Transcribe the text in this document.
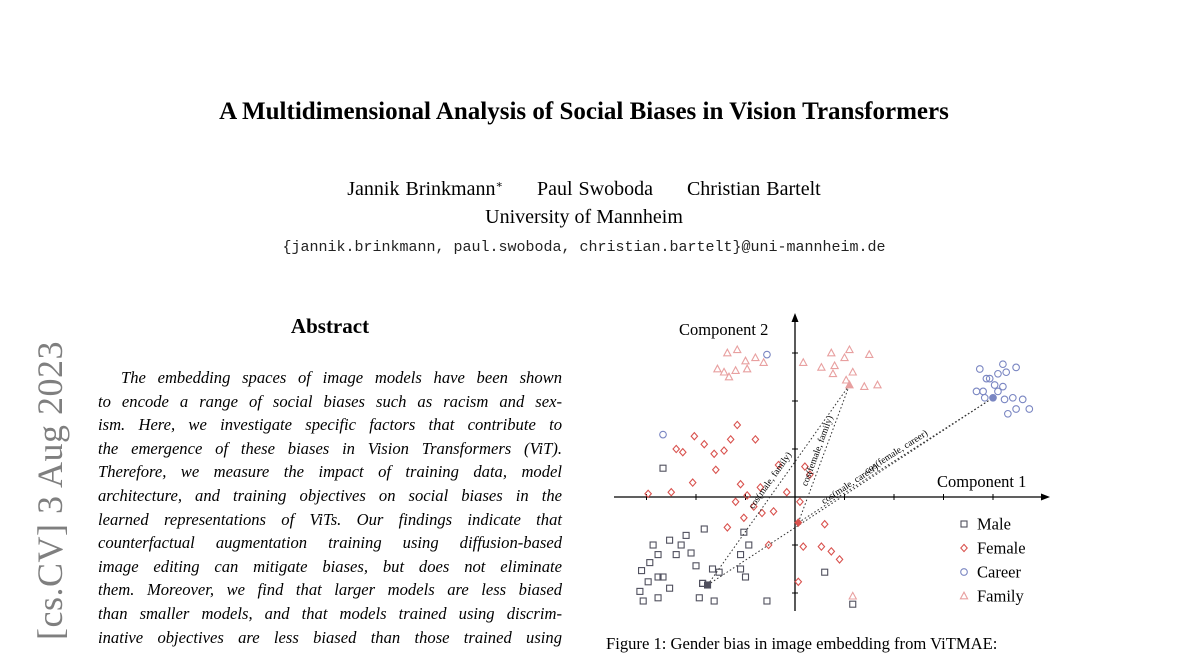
A Multidimensional Analysis of Social Biases in Vision Transformers
Jannik Brinkmann∗ Paul Swoboda Christian Bartelt
University of Mannheim
{jannik.brinkmann, paul.swoboda, christian.bartelt}@uni-mannheim.de
[cs.CV] 3 Aug 2023
Abstract
The embedding spaces of image models have been shown
to encode a range of social biases such as racism and sex-
ism. Here, we investigate specific factors that contribute to
the emergence of these biases in Vision Transformers (ViT).
Therefore, we measure the impact of training data, model
architecture, and training objectives on social biases in the
learned representations of ViTs. Our findings indicate that
counterfactual augmentation training using diffusion-based
image editing can mitigate biases, but does not eliminate
them. Moreover, we find that larger models are less biased
than smaller models, and that models trained using discrim-
inative objectives are less biased than those trained using
Component 1
Component 2
cos(female, family)	cos(female, career)
cos(male, family)	cos(male, career)
Male
Female
Career
Family
Figure 1: Gender bias in image embedding from ViTMAE:
